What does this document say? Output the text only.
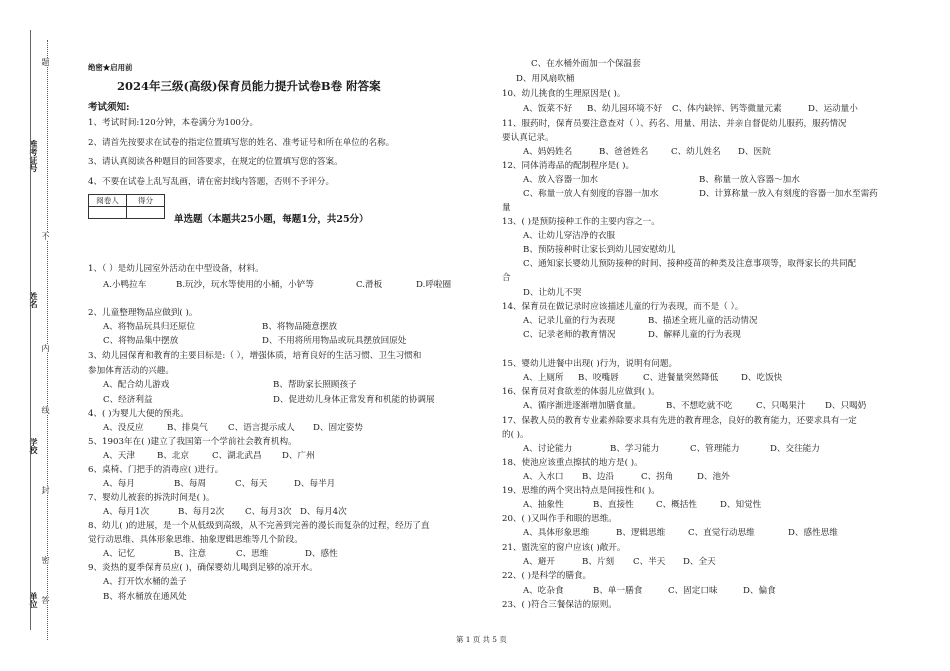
题
准考证号
不
姓名
内
线
学校
封
密
单位 答
绝密★启用前
2024年三级(高级)保育员能力提升试卷B卷 附答案
考试须知:
1、考试时间:120分钟，本卷满分为100分。
2、请首先按要求在试卷的指定位置填写您的姓名、准考证号和所在单位的名称。
3、请认真阅读各种题目的回答要求，在规定的位置填写您的答案。
4、不要在试卷上乱写乱画，请在密封线内答题，否则不予评分。
阅卷人	得分

单选题（本题共25小题，每题1分，共25分）
1、（ ）是幼儿园室外活动在中型设备，材料。
A.小鸭拉车	B.玩沙，玩水等使用的小桶，小铲等	C.滑板	D.呼啦圈
2、儿童整理物品应做到( )。
A、将物品玩具归还原位	B、将物品随意摆放
C、将物品集中摆放	D、不用将所用物品或玩具摆放回原处
3、幼儿园保育和教育的主要目标是:（ ），增强体质，培育良好的生活习惯、卫生习惯和
参加体育活动的兴趣。
A、配合幼儿游戏	B、帮助家长照顾孩子
C、经济利益	D、促进幼儿身体正常发育和机能的协调展
4、( )为婴儿大便的预兆。
A、没反应	B、排臭气 C、语言提示成人 D、固定姿势
5、1903年在( )建立了我国第一个学前社会教育机构。
A、天津	B、北京	C、湖北武昌 D、广州
6、桌椅、门把手的消毒应( )进行。
A、每月	B、每周	C、每天	D、每半月
7、婴幼儿被套的拆洗时间是( )。
A、每月1次	B、每月2次 C、每月3次 D、每月4次
8、幼儿( )的进展，是一个从低级到高级，从不完善到完善的漫长而复杂的过程，经历了直
觉行动思维、具体形象思维、抽象逻辑思维等几个阶段。
A、记忆	B、注意	C、思维	D、感性
9、炎热的夏季保育员应( )，确保婴幼儿喝到足够的凉开水。
A、打开饮水桶的盖子
B、将水桶放在通风处
C、在水桶外面加一个保温套
D、用风扇吹桶
10、幼儿挑食的生理原因是( )。
A、饭菜不好 B、幼儿园环境不好 C、体内缺锌、钙等微量元素	D、运动量小
11、服药时，保育员要注意查对（ ）、药名、用量、用法、并亲自督促幼儿服药，服药情况
要认真记录。
A、妈妈姓名	B、爸爸姓名	C、幼儿姓名 D、医院
12、同体消毒品的配制程序是( )。
A、放入容器一加水	B、称量一放入容器～加水
C、称量一放人有刻度的容器一加水	D、计算称量一放入有刻度的容器一加水至需药
量
13、( )是预防接种工作的主要内容之一。
A、让幼儿穿洁净的衣服
B、预防接种时让家长到幼儿园安慰幼儿
C、通知家长婴幼儿预防接种的时间、接种疫苗的种类及注意事项等，取得家长的共同配
合
D、让幼儿不哭
14、保育员在做记录时应该描述儿童的行为表现，而不是（ ）。
A、记录儿童的行为表现	B、描述全班儿童的活动情况
C、记录老师的教育情况	D、解释儿童的行为表现
15、婴幼儿进餐中出现( )行为，说明有问题。
A、上厕所 B、咬嘴唇	C、进餐量突然降低	D、吃饭快
16、保育员对食欲差的体弱儿应做到( )。
A、循序渐进逐渐增加膳食量。	B、不想吃就不吃	C、只喝果汁 D、只喝奶
17、保教人员的教育专业素养除要求具有先进的教育理念，良好的教育能力，还要求具有一定
的( )。
A、讨论能力	B、学习能力	C、管理能力	D、交往能力
18、使池应该重点擦拭的地方是( )。
A、入水口 B、边沿	C、拐角	D、池外
19、思维的两个突出特点是间接性和( )。
A、抽象性	B、直接性	C、概括性	D、知觉性
20、( )又叫作手和眼的思维。
A、具体形象思维	B、逻辑思维	C、直觉行动思维	D、感性思维
21、盥洗室的窗户应该( )敞开。
A、避开	B、片刻 C、半天 D、全天
22、( )是科学的膳食。
A、吃杂食	B、单一膳食	C、固定口味	D、偏食
23、( )符合三餐保洁的原则。
第 1 页 共 5 页
